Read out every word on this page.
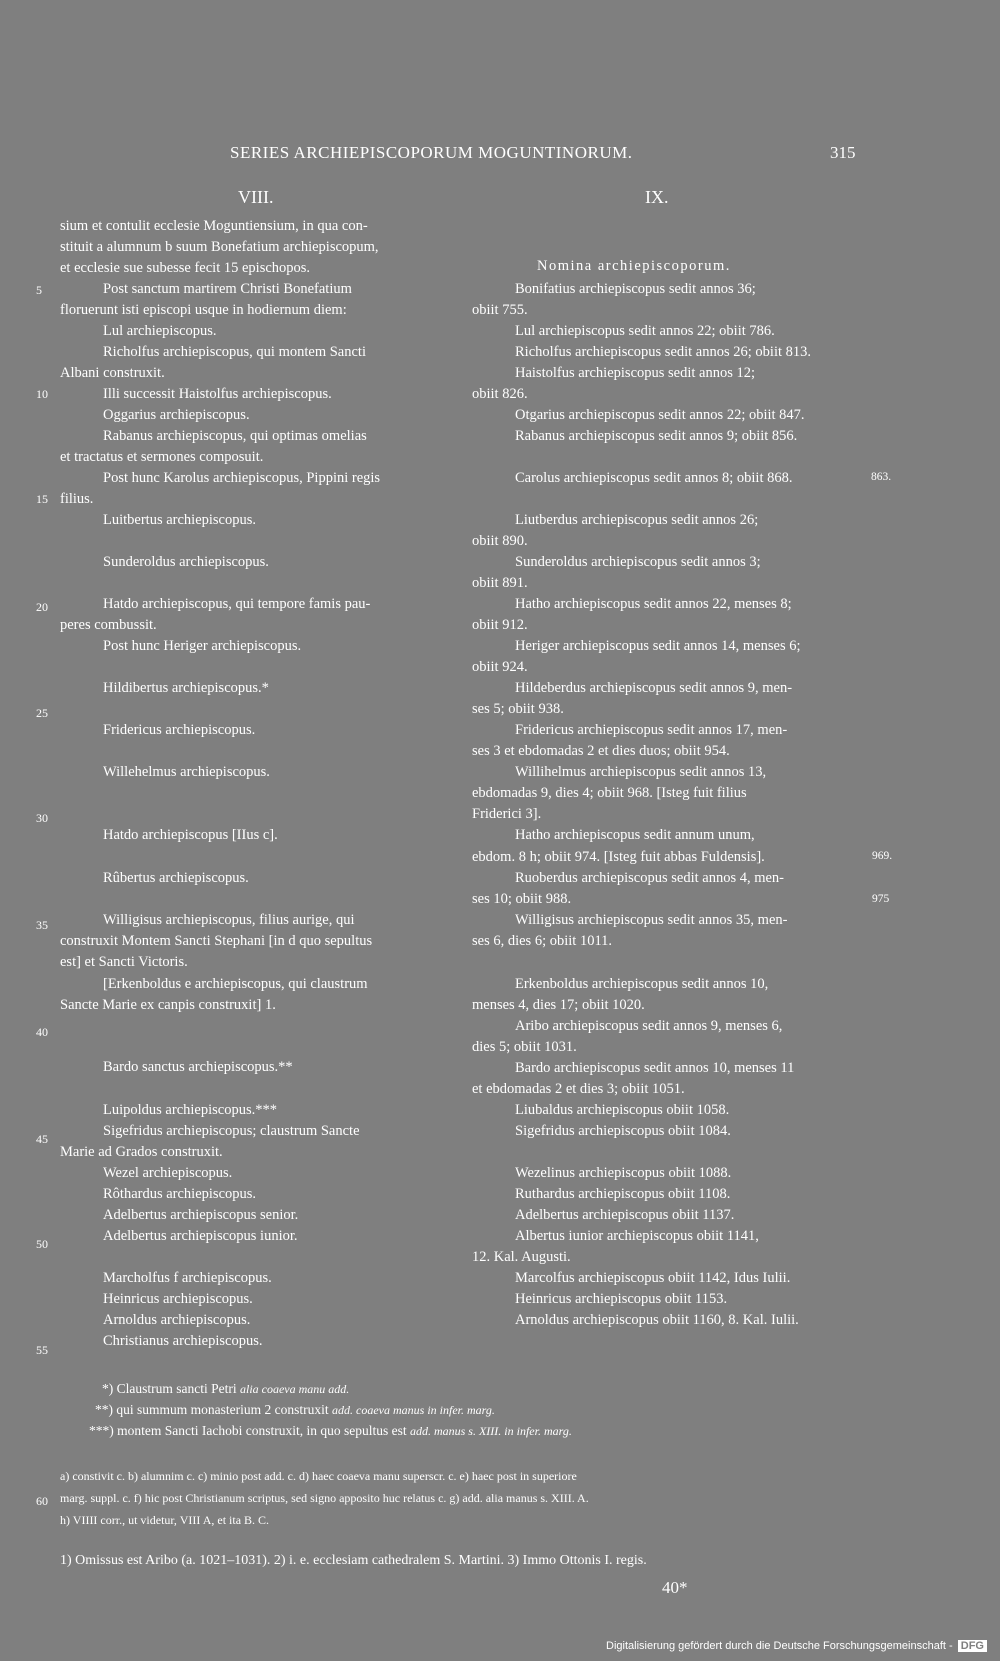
SERIES ARCHIEPISCOPORUM MOGUNTINORUM.	315
VIII.	IX.
5
10
15
20
25
30
35
40
45
50
55
60
sium et contulit ecclesie Moguntiensium, in qua con-
stituit a alumnum b suum Bonefatium archiepiscopum,
et ecclesie sue subesse fecit 15 epischopos.
Post sanctum martirem Christi Bonefatium
floruerunt isti episcopi usque in hodiernum diem:
Lul archiepiscopus.
Richolfus archiepiscopus, qui montem Sancti
Albani construxit.
Illi successit Haistolfus archiepiscopus.
Oggarius archiepiscopus.
Rabanus archiepiscopus, qui optimas omelias
et tractatus et sermones composuit.
Post hunc Karolus archiepiscopus, Pippini regis
filius.
Luitbertus archiepiscopus.
Sunderoldus archiepiscopus.
Hatdo archiepiscopus, qui tempore famis pau-
peres combussit.
Post hunc Heriger archiepiscopus.
Hildibertus archiepiscopus.*
Fridericus archiepiscopus.
Willehelmus archiepiscopus.
Hatdo archiepiscopus [IIus c].
Rûbertus archiepiscopus.
Willigisus archiepiscopus, filius aurige, qui
construxit Montem Sancti Stephani [in d quo sepultus
est] et Sancti Victoris.
[Erkenboldus e archiepiscopus, qui claustrum
Sancte Marie ex canpis construxit] 1.
Bardo sanctus archiepiscopus.**
Luipoldus archiepiscopus.***
Sigefridus archiepiscopus; claustrum Sancte
Marie ad Grados construxit.
Wezel archiepiscopus.
Rôthardus archiepiscopus.
Adelbertus archiepiscopus senior.
Adelbertus archiepiscopus iunior.
Marcholfus f archiepiscopus.
Heinricus archiepiscopus.
Arnoldus archiepiscopus.
Christianus archiepiscopus.
Nomina archiepiscoporum.
Bonifatius archiepiscopus sedit annos 36;
obiit 755.
Lul archiepiscopus sedit annos 22; obiit 786.
Richolfus archiepiscopus sedit annos 26; obiit 813.
Haistolfus archiepiscopus sedit annos 12;
obiit 826.
Otgarius archiepiscopus sedit annos 22; obiit 847.
Rabanus archiepiscopus sedit annos 9; obiit 856.
Carolus archiepiscopus sedit annos 8; obiit 868.
Liutberdus archiepiscopus sedit annos 26;
obiit 890.
Sunderoldus archiepiscopus sedit annos 3;
obiit 891.
Hatho archiepiscopus sedit annos 22, menses 8;
obiit 912.
Heriger archiepiscopus sedit annos 14, menses 6;
obiit 924.
Hildeberdus archiepiscopus sedit annos 9, men-
ses 5; obiit 938.
Fridericus archiepiscopus sedit annos 17, men-
ses 3 et ebdomadas 2 et dies duos; obiit 954.
Willihelmus archiepiscopus sedit annos 13,
ebdomadas 9, dies 4; obiit 968. [Isteg fuit filius
Friderici 3].
Hatho archiepiscopus sedit annum unum,
ebdom. 8 h; obiit 974. [Isteg fuit abbas Fuldensis].
Ruoberdus archiepiscopus sedit annos 4, men-
ses 10; obiit 988.
Willigisus archiepiscopus sedit annos 35, men-
ses 6, dies 6; obiit 1011.
Erkenboldus archiepiscopus sedit annos 10,
menses 4, dies 17; obiit 1020.
Aribo archiepiscopus sedit annos 9, menses 6,
dies 5; obiit 1031.
Bardo archiepiscopus sedit annos 10, menses 11
et ebdomadas 2 et dies 3; obiit 1051.
Liubaldus archiepiscopus obiit 1058.
Sigefridus archiepiscopus obiit 1084.
Wezelinus archiepiscopus obiit 1088.
Ruthardus archiepiscopus obiit 1108.
Adelbertus archiepiscopus obiit 1137.
Albertus iunior archiepiscopus obiit 1141,
12. Kal. Augusti.
Marcolfus archiepiscopus obiit 1142, Idus Iulii.
Heinricus archiepiscopus obiit 1153.
Arnoldus archiepiscopus obiit 1160, 8. Kal. Iulii.
863.
969.
975
*) Claustrum sancti Petri alia coaeva manu add.
**) qui summum monasterium 2 construxit add. coaeva manus in infer. marg.
***) montem Sancti Iachobi construxit, in quo sepultus est add. manus s. XIII. in infer. marg.
a) constivit c. b) alumnim c. c) minio post add. c. d) haec coaeva manu superscr. c. e) haec post in superiore
marg. suppl. c. f) hic post Christianum scriptus, sed signo apposito huc relatus c. g) add. alia manus s. XIII. A.
h) VIIII corr., ut videtur, VIII A, et ita B. C.
1) Omissus est Aribo (a. 1021–1031). 2) i. e. ecclesiam cathedralem S. Martini. 3) Immo Ottonis I. regis.
40*
Digitalisierung gefördert durch die Deutsche Forschungsgemeinschaft - DFG
